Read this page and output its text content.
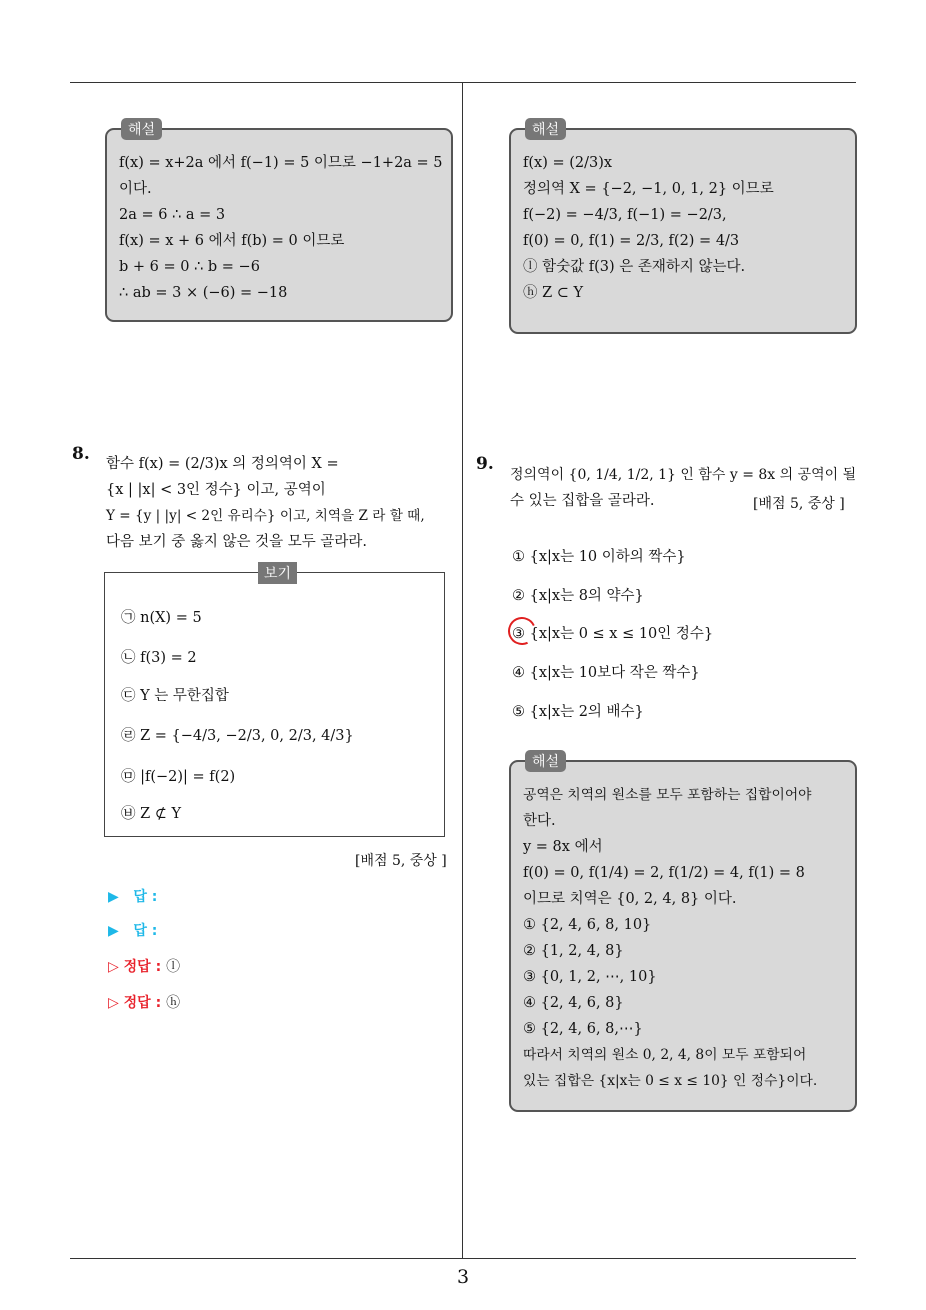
해설
f(x) = x+2a 에서 f(−1) = 5 이므로 −1+2a = 5
이다.
2a = 6 ∴ a = 3
f(x) = x + 6 에서 f(b) = 0 이므로
b + 6 = 0 ∴ b = −6
∴ ab = 3 × (−6) = −18
해설
f(x) = (2/3)x
정의역 X = {−2, −1, 0, 1, 2} 이므로
f(−2) = −4/3, f(−1) = −2/3,
f(0) = 0, f(1) = 2/3, f(2) = 4/3
ⓛ 함숫값 f(3) 은 존재하지 않는다.
ⓗ Z ⊂ Y
8. 함수 f(x) = (2/3)x 의 정의역이 X =
{x | |x| < 3인 정수} 이고, 공역이
Y = {y | |y| < 2인 유리수} 이고, 치역을 Z 라 할 때,
다음 보기 중 옳지 않은 것을 모두 골라라.
보기
㉠ n(X) = 5
㉡ f(3) = 2
㉢ Y 는 무한집합
㉣ Z = {−4/3, −2/3, 0, 2/3, 4/3}
㉤ |f(−2)| = f(2)
㉥ Z ⊄ Y
[배점 5, 중상 ]
▶ 답 :
▶ 답 :
▷ 정답 : ⓛ
▷ 정답 : ⓗ
9.
정의역이 {0, 1/4, 1/2, 1} 인 함수 y = 8x 의 공역이 될
수 있는 집합을 골라라.	[배점 5, 중상 ]
① {x|x는 10 이하의 짝수}
② {x|x는 8의 약수}
③ {x|x는 0 ≤ x ≤ 10인 정수}
④ {x|x는 10보다 작은 짝수}
⑤ {x|x는 2의 배수}
해설
공역은 치역의 원소를 모두 포함하는 집합이어야
한다.
y = 8x 에서
f(0) = 0, f(1/4) = 2, f(1/2) = 4, f(1) = 8
이므로 치역은 {0, 2, 4, 8} 이다.
① {2, 4, 6, 8, 10}
② {1, 2, 4, 8}
③ {0, 1, 2, ⋯, 10}
④ {2, 4, 6, 8}
⑤ {2, 4, 6, 8,⋯}
따라서 치역의 원소 0, 2, 4, 8이 모두 포함되어
있는 집합은 {x|x는 0 ≤ x ≤ 10} 인 정수}이다.
3
